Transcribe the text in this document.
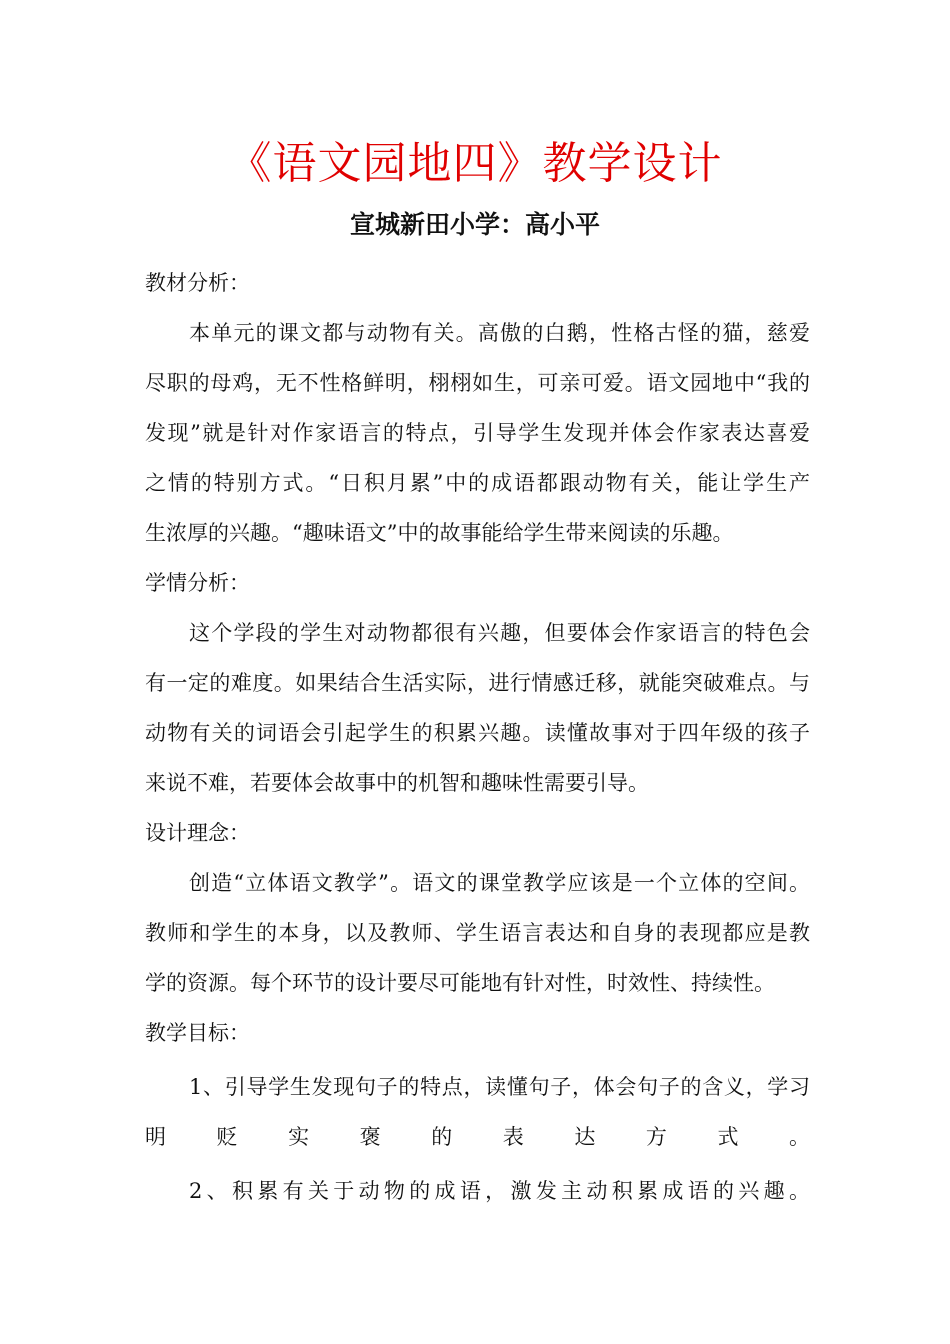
《语文园地四》教学设计
宣城新田小学：高小平
教材分析：
本单元的课文都与动物有关。高傲的白鹅，性格古怪的猫，慈爱
尽职的母鸡，无不性格鲜明，栩栩如生，可亲可爱。语文园地中“我的
发现”就是针对作家语言的特点，引导学生发现并体会作家表达喜爱
之情的特别方式。“日积月累”中的成语都跟动物有关，能让学生产
生浓厚的兴趣。“趣味语文”中的故事能给学生带来阅读的乐趣。
学情分析：
这个学段的学生对动物都很有兴趣，但要体会作家语言的特色会
有一定的难度。如果结合生活实际，进行情感迁移，就能突破难点。与
动物有关的词语会引起学生的积累兴趣。读懂故事对于四年级的孩子
来说不难，若要体会故事中的机智和趣味性需要引导。
设计理念：
创造“立体语文教学”。语文的课堂教学应该是一个立体的空间。
教师和学生的本身，以及教师、学生语言表达和自身的表现都应是教
学的资源。每个环节的设计要尽可能地有针对性，时效性、持续性。
教学目标：
1、引导学生发现句子的特点，读懂句子，体会句子的含义，学习
明贬实褒的表达方式。
2、积累有关于动物的成语，激发主动积累成语的兴趣。
